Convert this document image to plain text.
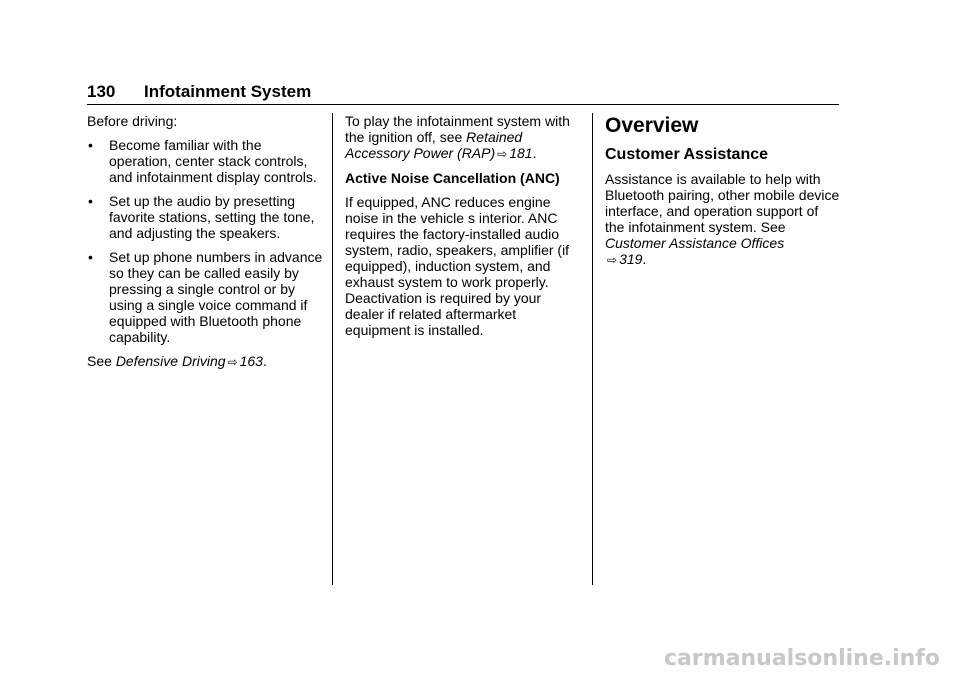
130 Infotainment System

Before driving:

• Become familiar with the operation, center stack controls, and infotainment display controls.
• Set up the audio by presetting favorite stations, setting the tone, and adjusting the speakers.
• Set up phone numbers in advance so they can be called easily by pressing a single control or by using a single voice command if equipped with Bluetooth phone capability.

See Defensive Driving ⇨ 163.

To play the infotainment system with the ignition off, see Retained Accessory Power (RAP) ⇨ 181.

Active Noise Cancellation (ANC)

If equipped, ANC reduces engine noise in the vehicle s interior. ANC requires the factory-installed audio system, radio, speakers, amplifier (if equipped), induction system, and exhaust system to work properly. Deactivation is required by your dealer if related aftermarket equipment is installed.

Overview
Customer Assistance

Assistance is available to help with Bluetooth pairing, other mobile device interface, and operation support of the infotainment system. See Customer Assistance Offices
⇨ 319.

carmanualsonline.info
